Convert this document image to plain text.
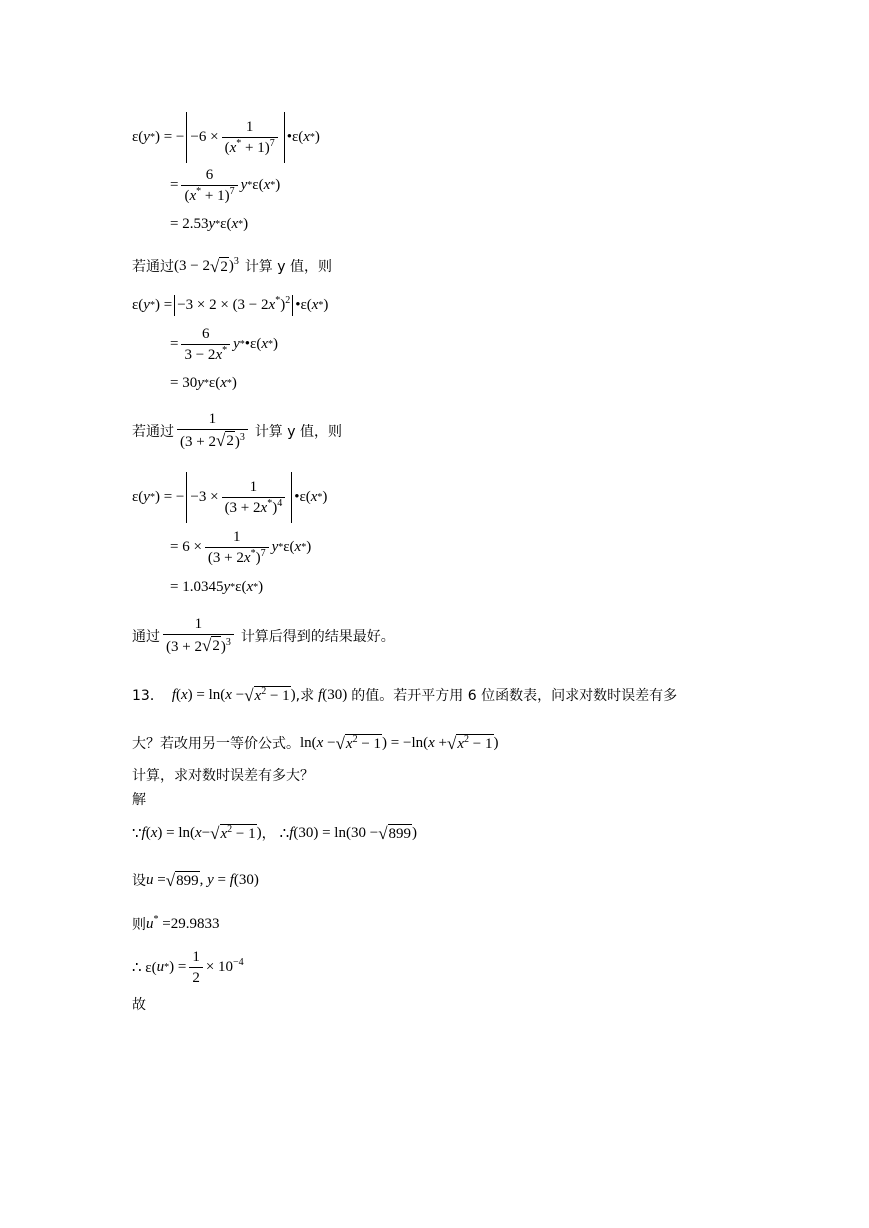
ε( y * ) = − $-6 \times \frac{1}{(x^* + 1)^7}$ •ε( x * )
= $\frac{6}{(x^* + 1)^7}$ y * ε( x * )
= 2.53 y * ε( x * )
若通过 (3 − 2 √ 2 )$^3$ 计算 y 值，则
ε( y * ) = $-3 \times 2 \times (3 - 2x^*)^2$ •ε( x * )
= $\frac{6}{3 - 2x^*}$ y * •ε( x * )
= 30 y * ε( x * )
若通过 $\frac{1}{(3 + 2 √ 2 )^3}$ 计算 y 值，则
ε( y * ) = − $-3 \times \frac{1}{(3 + 2x^*)^4}$ •ε( x * )
= $6 \times \frac{1}{(3 + 2x^*)^7}$ y * ε( x * )
= 1.0345 y * ε( x * )
通过 $\frac{1}{(3 + 2 √ 2 )^3}$ 计算后得到的结果最好。
13． f(x) = ln(x − √ $x^2 - 1$ ) ,求 f(30) 的值。若开平方用 6 位函数表，问求对数时误差有多
大？若改用另一等价公式。 ln(x − √ $x^2 - 1$ ) = −ln(x + √ $x^2 - 1$ )
计算，求对数时误差有多大？
解
∵ f ( x ) = ln( x − √ $x^2 - 1$ ) ， ∴ f (30) = ln(30 − √ 899 )
设 u = √ 899 , y = f(30)
则 u* = 29.9833
∴ ε( u * ) = $\frac{1}{2} \times 10^{-4}$
故
